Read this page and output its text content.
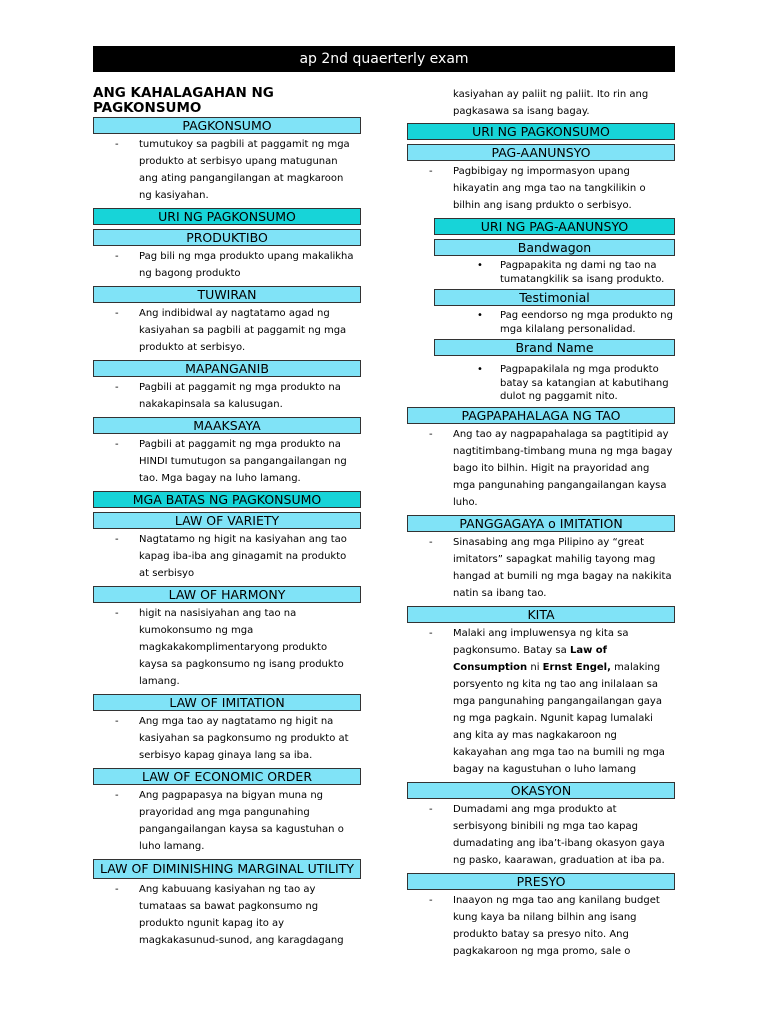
ap 2nd quaerterly exam
ANG KAHALAGAHAN NG PAGKONSUMO
PAGKONSUMO
- tumutukoy sa pagbili at paggamit ng mga produkto at serbisyo upang matugunan ang ating pangangilangan at magkaroon ng kasiyahan.
URI NG PAGKONSUMO
PRODUKTIBO
- Pag bili ng mga produkto upang makalikha ng bagong produkto
TUWIRAN
- Ang indibidwal ay nagtatamo agad ng kasiyahan sa pagbili at paggamit ng mga produkto at serbisyo.
MAPANGANIB
- Pagbili at paggamit ng mga produkto na nakakapinsala sa kalusugan.
MAAKSAYA
- Pagbili at paggamit ng mga produkto na HINDI tumutugon sa pangangailangan ng tao. Mga bagay na luho lamang.
MGA BATAS NG PAGKONSUMO
LAW OF VARIETY
- Nagtatamo ng higit na kasiyahan ang tao kapag iba-iba ang ginagamit na produkto at serbisyo
LAW OF HARMONY
- higit na nasisiyahan ang tao na kumokonsumo ng mga magkakakomplimentaryong produkto kaysa sa pagkonsumo ng isang produkto lamang.
LAW OF IMITATION
- Ang mga tao ay nagtatamo ng higit na kasiyahan sa pagkonsumo ng produkto at serbisyo kapag ginaya lang sa iba.
LAW OF ECONOMIC ORDER
- Ang pagpapasya na bigyan muna ng prayoridad ang mga pangunahing pangangailangan kaysa sa kagustuhan o luho lamang.
LAW OF DIMINISHING MARGINAL UTILITY
- Ang kabuuang kasiyahan ng tao ay tumataas sa bawat pagkonsumo ng produkto ngunit kapag ito ay magkakasunud-sunod, ang karagdagang
kasiyahan ay paliit ng paliit. Ito rin ang pagkasawa sa isang bagay.
URI NG PAGKONSUMO
PAG-AANUNSYO
- Pagbibigay ng impormasyon upang hikayatin ang mga tao na tangkilikin o bilhin ang isang prdukto o serbisyo.
URI NG PAG-AANUNSYO
Bandwagon
• Pagpapakita ng dami ng tao na tumatangkilik sa isang produkto.
Testimonial
• Pag eendorso ng mga produkto ng mga kilalang personalidad.
Brand Name
• Pagpapakilala ng mga produkto batay sa katangian at kabutihang dulot ng paggamit nito.
PAGPAPAHALAGA NG TAO
- Ang tao ay nagpapahalaga sa pagtitipid ay nagtitimbang-timbang muna ng mga bagay bago ito bilhin. Higit na prayoridad ang mga pangunahing pangangailangan kaysa luho.
PANGGAGAYA o IMITATION
- Sinasabing ang mga Pilipino ay “great imitators” sapagkat mahilig tayong mag hangad at bumili ng mga bagay na nakikita natin sa ibang tao.
KITA
- Malaki ang impluwensya ng kita sa pagkonsumo. Batay sa Law of Consumption ni Ernst Engel, malaking porsyento ng kita ng tao ang inilalaan sa mga pangunahing pangangailangan gaya ng mga pagkain. Ngunit kapag lumalaki ang kita ay mas nagkakaroon ng kakayahan ang mga tao na bumili ng mga bagay na kagustuhan o luho lamang
OKASYON
- Dumadami ang mga produkto at serbisyong binibili ng mga tao kapag dumadating ang iba’t-ibang okasyon gaya ng pasko, kaarawan, graduation at iba pa.
PRESYO
- Inaayon ng mga tao ang kanilang budget kung kaya ba nilang bilhin ang isang produkto batay sa presyo nito. Ang pagkakaroon ng mga promo, sale o
